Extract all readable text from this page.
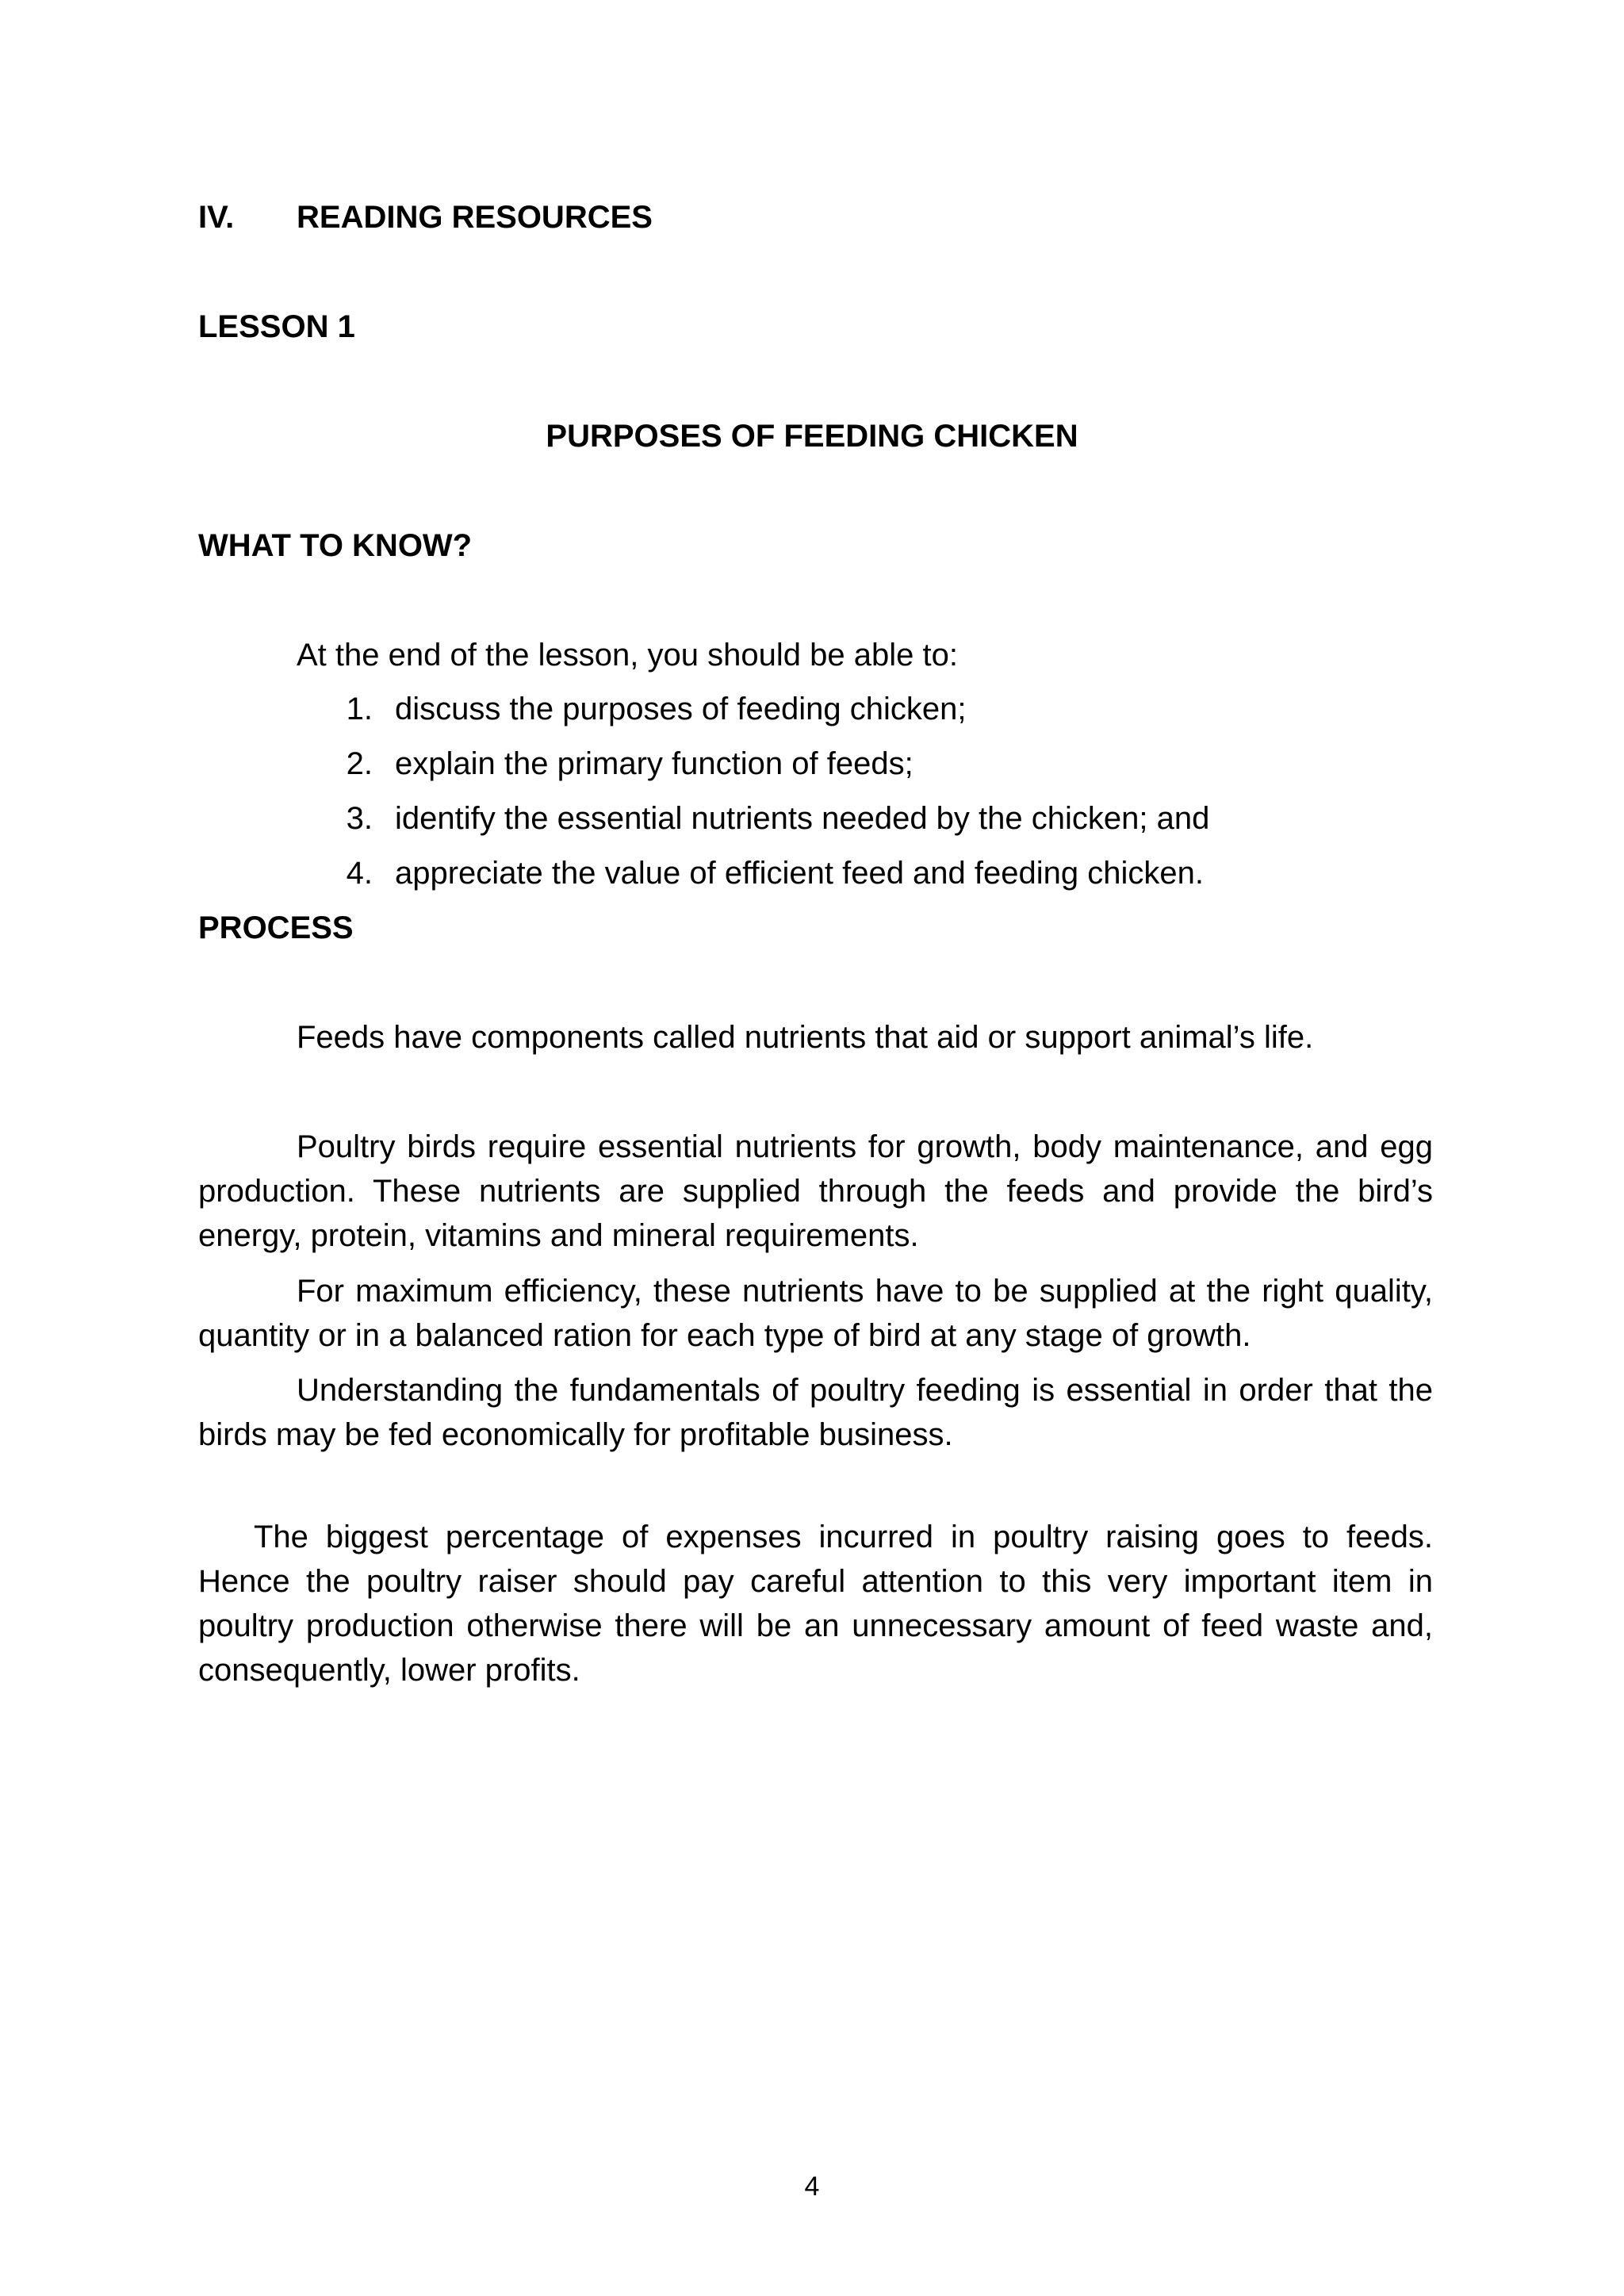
IV. READING RESOURCES

LESSON 1

PURPOSES OF FEEDING CHICKEN

WHAT TO KNOW?

At the end of the lesson, you should be able to:

1. discuss the purposes of feeding chicken;

2. explain the primary function of feeds;

3. identify the essential nutrients needed by the chicken; and

4. appreciate the value of efficient feed and feeding chicken.

PROCESS

Feeds have components called nutrients that aid or support animal’s life.

Poultry birds require essential nutrients for growth, body maintenance, and egg production. These nutrients are supplied through the feeds and provide the bird’s energy, protein, vitamins and mineral requirements.

For maximum efficiency, these nutrients have to be supplied at the right quality, quantity or in a balanced ration for each type of bird at any stage of growth.

Understanding the fundamentals of poultry feeding is essential in order that the birds may be fed economically for profitable business.

The biggest percentage of expenses incurred in poultry raising goes to feeds. Hence the poultry raiser should pay careful attention to this very important item in poultry production otherwise there will be an unnecessary amount of feed waste and, consequently, lower profits.

4
